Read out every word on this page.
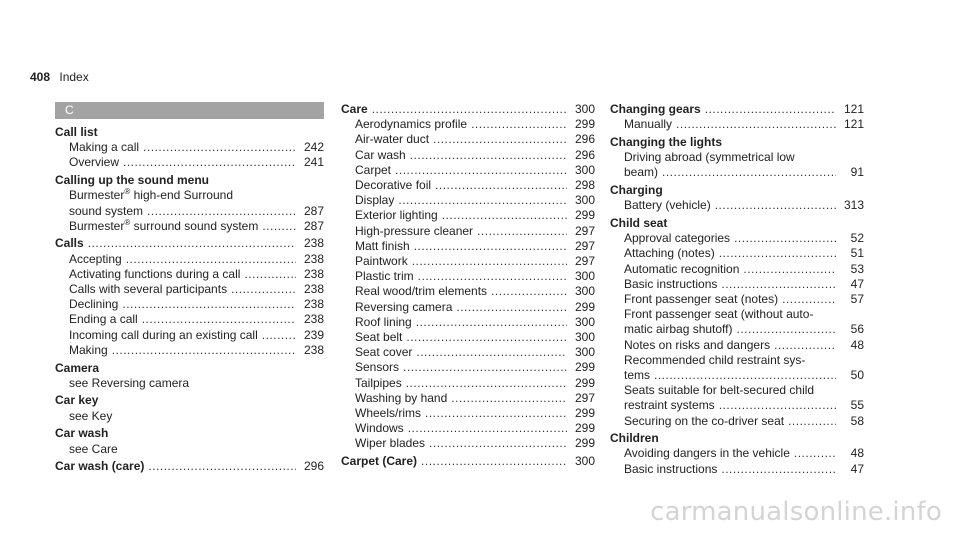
408 Index
C
Call list
Making a call .....	242
Overview .....	241
Calling up the sound menu
Burmester® high-end Surround
sound system .....	287
Burmester® surround sound system .....	287
Calls .....	238
Accepting .....	238
Activating functions during a call .....	238
Calls with several participants .....	238
Declining .....	238
Ending a call .....	238
Incoming call during an existing call .....	239
Making .....	238
Camera
see Reversing camera
Car key
see Key
Car wash
see Care
Car wash (care) .....	296
Care .....	300
Aerodynamics profile .....	299
Air-water duct .....	296
Car wash .....	296
Carpet .....	300
Decorative foil .....	298
Display .....	300
Exterior lighting .....	299
High-pressure cleaner .....	297
Matt finish .....	297
Paintwork .....	297
Plastic trim .....	300
Real wood/trim elements .....	300
Reversing camera .....	299
Roof lining .....	300
Seat belt .....	300
Seat cover .....	300
Sensors .....	299
Tailpipes .....	299
Washing by hand .....	297
Wheels/rims .....	299
Windows .....	299
Wiper blades .....	299
Carpet (Care) .....	300
Changing gears .....	121
Manually .....	121
Changing the lights
Driving abroad (symmetrical low
beam) .....	91
Charging
Battery (vehicle) .....	313
Child seat
Approval categories .....	52
Attaching (notes) .....	51
Automatic recognition .....	53
Basic instructions .....	47
Front passenger seat (notes) .....	57
Front passenger seat (without auto-
matic airbag shutoff) .....	56
Notes on risks and dangers .....	48
Recommended child restraint sys-
tems .....	50
Seats suitable for belt-secured child
restraint systems .....	55
Securing on the co-driver seat .....	58
Children
Avoiding dangers in the vehicle .....	48
Basic instructions .....	47
carmanualsonline.info
